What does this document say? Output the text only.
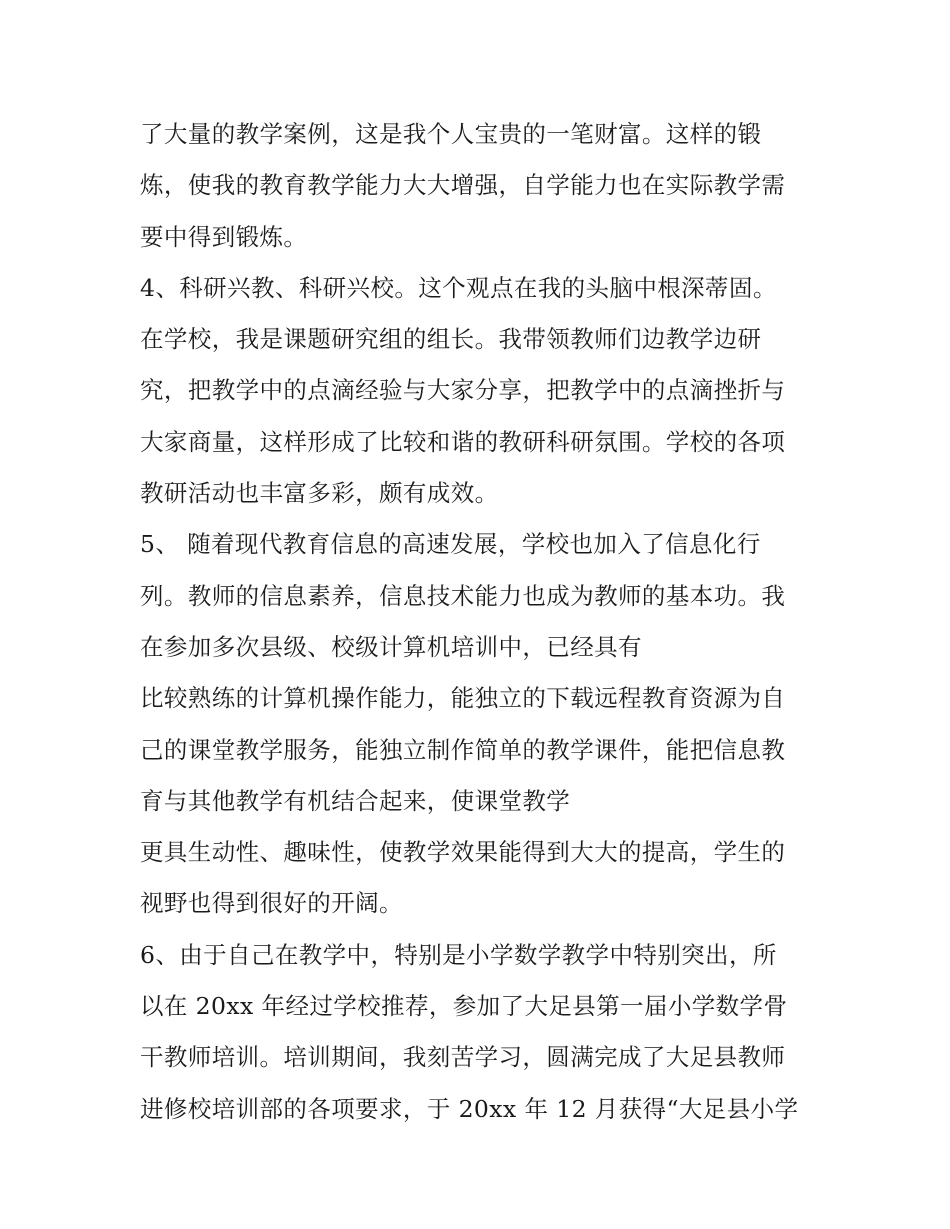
了大量的教学案例，这是我个人宝贵的一笔财富。这样的锻
炼，使我的教育教学能力大大增强，自学能力也在实际教学需
要中得到锻炼。
4、科研兴教、科研兴校。这个观点在我的头脑中根深蒂固。
在学校，我是课题研究组的组长。我带领教师们边教学边研
究，把教学中的点滴经验与大家分享，把教学中的点滴挫折与
大家商量，这样形成了比较和谐的教研科研氛围。学校的各项
教研活动也丰富多彩，颇有成效。
5、 随着现代教育信息的高速发展，学校也加入了信息化行
列。教师的信息素养，信息技术能力也成为教师的基本功。我
在参加多次县级、校级计算机培训中，已经具有
比较熟练的计算机操作能力，能独立的下载远程教育资源为自
己的课堂教学服务，能独立制作简单的教学课件，能把信息教
育与其他教学有机结合起来，使课堂教学
更具生动性、趣味性，使教学效果能得到大大的提高，学生的
视野也得到很好的开阔。
6、由于自己在教学中，特别是小学数学教学中特别突出，所
以在 20xx 年经过学校推荐，参加了大足县第一届小学数学骨
干教师培训。培训期间，我刻苦学习，圆满完成了大足县教师
进修校培训部的各项要求，于 20xx 年 12 月获得“大足县小学
